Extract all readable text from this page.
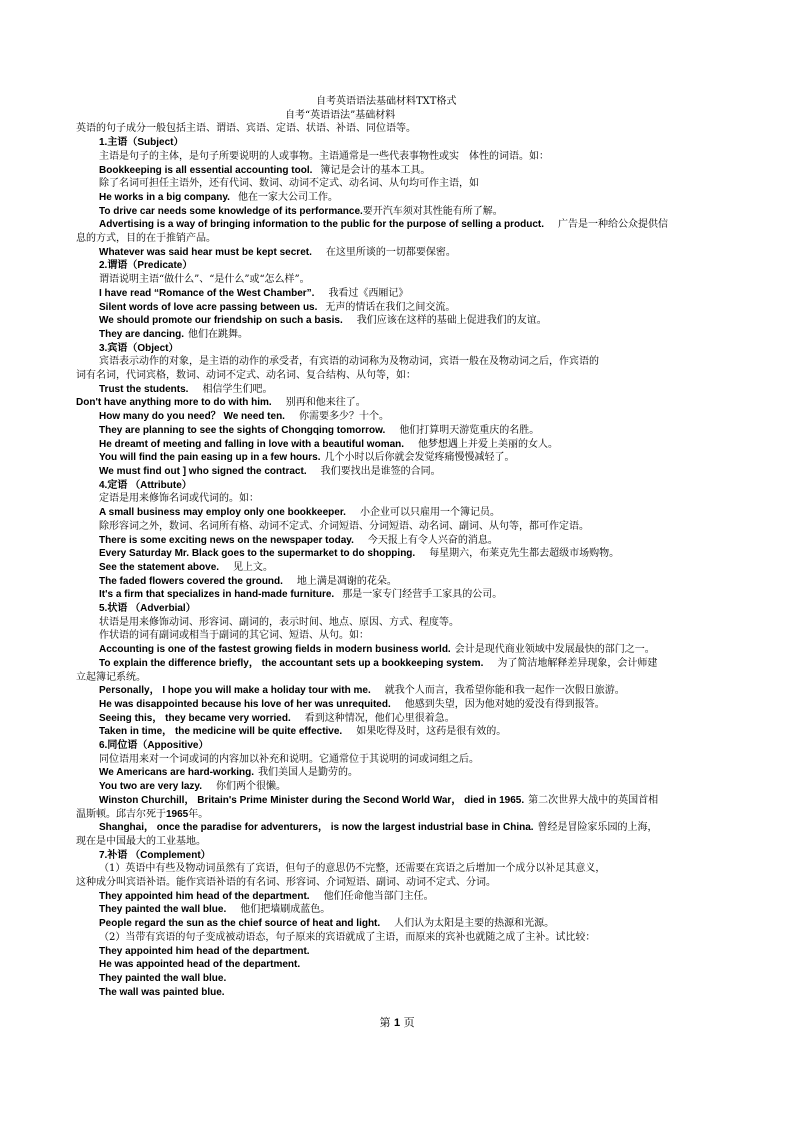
自考英语语法基础材料TXT格式
自考“英语语法”基础材料
英语的句子成分一般包括主语、谓语、宾语、定语、状语、补语、同位语等。
1.主语（Subject）
主语是句子的主体，是句子所要说明的人或事物。主语通常是一些代表事物性或实　体性的词语。如：
Bookkeeping is all essential accounting tool. 簿记是会计的基本工具。
除了名词可担任主语外，还有代词、数词、动词不定式、动名词、从句均可作主语，如
He works in a big company. 他在一家大公司工作。
To drive car needs some knowledge of its performance.要开汽车须对其性能有所了解。
Advertising is a way of bringing information to the public for the purpose of selling a product. 广告是一种给公众提供信
息的方式，目的在于推销产品。
Whatever was said hear must be kept secret. 在这里所谈的一切都要保密。
2.谓语（Predicate）
谓语说明主语“做什么”、“是什么”或“怎么样”。
I have read “Romance of the West Chamber”. 我看过《西厢记》
Silent words of love acre passing between us. 无声的情话在我们之间交流。
We should promote our friendship on such a basis. 我们应该在这样的基础上促进我们的友谊。
They are dancing. 他们在跳舞。
3.宾语（Object）
宾语表示动作的对象，是主语的动作的承受者，有宾语的动词称为及物动词，宾语一般在及物动词之后，作宾语的
词有名词，代词宾格，数词、动词不定式、动名词、复合结构、从句等，如：
Trust the students. 相信学生们吧。
Don't have anything more to do with him. 别再和他来往了。
How many do you need？ We need ten. 你需要多少？十个。
They are planning to see the sights of Chongqing tomorrow. 他们打算明天游览重庆的名胜。
He dreamt of meeting and falling in love with a beautiful woman. 他梦想遇上并爱上美丽的女人。
You will find the pain easing up in a few hours. 几个小时以后你就会发觉疼痛慢慢减轻了。
We must find out ] who signed the contract. 我们要找出是谁签的合同。
4.定语 （Attribute）
定语是用来修饰名词或代词的。如：
A small business may employ only one bookkeeper. 小企业可以只雇用一个簿记员。
除形容词之外，数词、名词所有格、动词不定式、介词短语、分词短语、动名词、副词、从句等，都可作定语。
There is some exciting news on the newspaper today. 今天报上有令人兴奋的消息。
Every Saturday Mr. Black goes to the supermarket to do shopping. 每星期六，布莱克先生都去超级市场购物。
See the statement above. 见上文。
The faded flowers covered the ground. 地上满是凋谢的花朵。
It's a firm that specializes in hand-made furniture. 那是一家专门经营手工家具的公司。
5.状语 （Adverbial）
状语是用来修饰动词、形容词、副词的，表示时间、地点、原因、方式、程度等。
作状语的词有副词或相当于副词的其它词、短语、从句。如：
Accounting is one of the fastest growing fields in modern business world. 会计是现代商业领域中发展最快的部门之一。
To explain the difference briefly， the accountant sets up a bookkeeping system. 为了简洁地解释差异现象，会计师建
立起簿记系统。
Personally， I hope you will make a holiday tour with me. 就我个人而言，我希望你能和我一起作一次假日旅游。
He was disappointed because his love of her was unrequited. 他感到失望，因为他对她的爱没有得到报答。
Seeing this， they became very worried. 看到这种情况，他们心里很着急。
Taken in time， the medicine will be quite effective. 如果吃得及时，这药是很有效的。
6.同位语（Appositive）
同位语用来对一个词或词的内容加以补充和说明。它通常位于其说明的词或词组之后。
We Americans are hard-working. 我们美国人是勤劳的。
You two are very lazy. 你们两个很懒。
Winston Churchill， Britain's Prime Minister during the Second World War， died in 1965. 第二次世界大战中的英国首相
温斯顿。邱吉尔死于1965年。
Shanghai， once the paradise for adventurers， is now the largest industrial base in China. 曾经是冒险家乐园的上海，
现在是中国最大的工业基地。
7.补语 （Complement）
（1）英语中有些及物动词虽然有了宾语，但句子的意思仍不完整，还需要在宾语之后增加一个成分以补足其意义，
这种成分叫宾语补语。能作宾语补语的有名词、形容词、介词短语、副词、动词不定式、分词。
They appointed him head of the department. 他们任命他当部门主任。
They painted the wall blue. 他们把墙刷成蓝色。
People regard the sun as the chief source of heat and light. 人们认为太阳是主要的热源和光源。
（2）当带有宾语的句子变成被动语态，句子原来的宾语就成了主语，而原来的宾补也就随之成了主补。试比较：
They appointed him head of the department.
He was appointed head of the department.
They painted the wall blue.
The wall was painted blue.
第 1 页
